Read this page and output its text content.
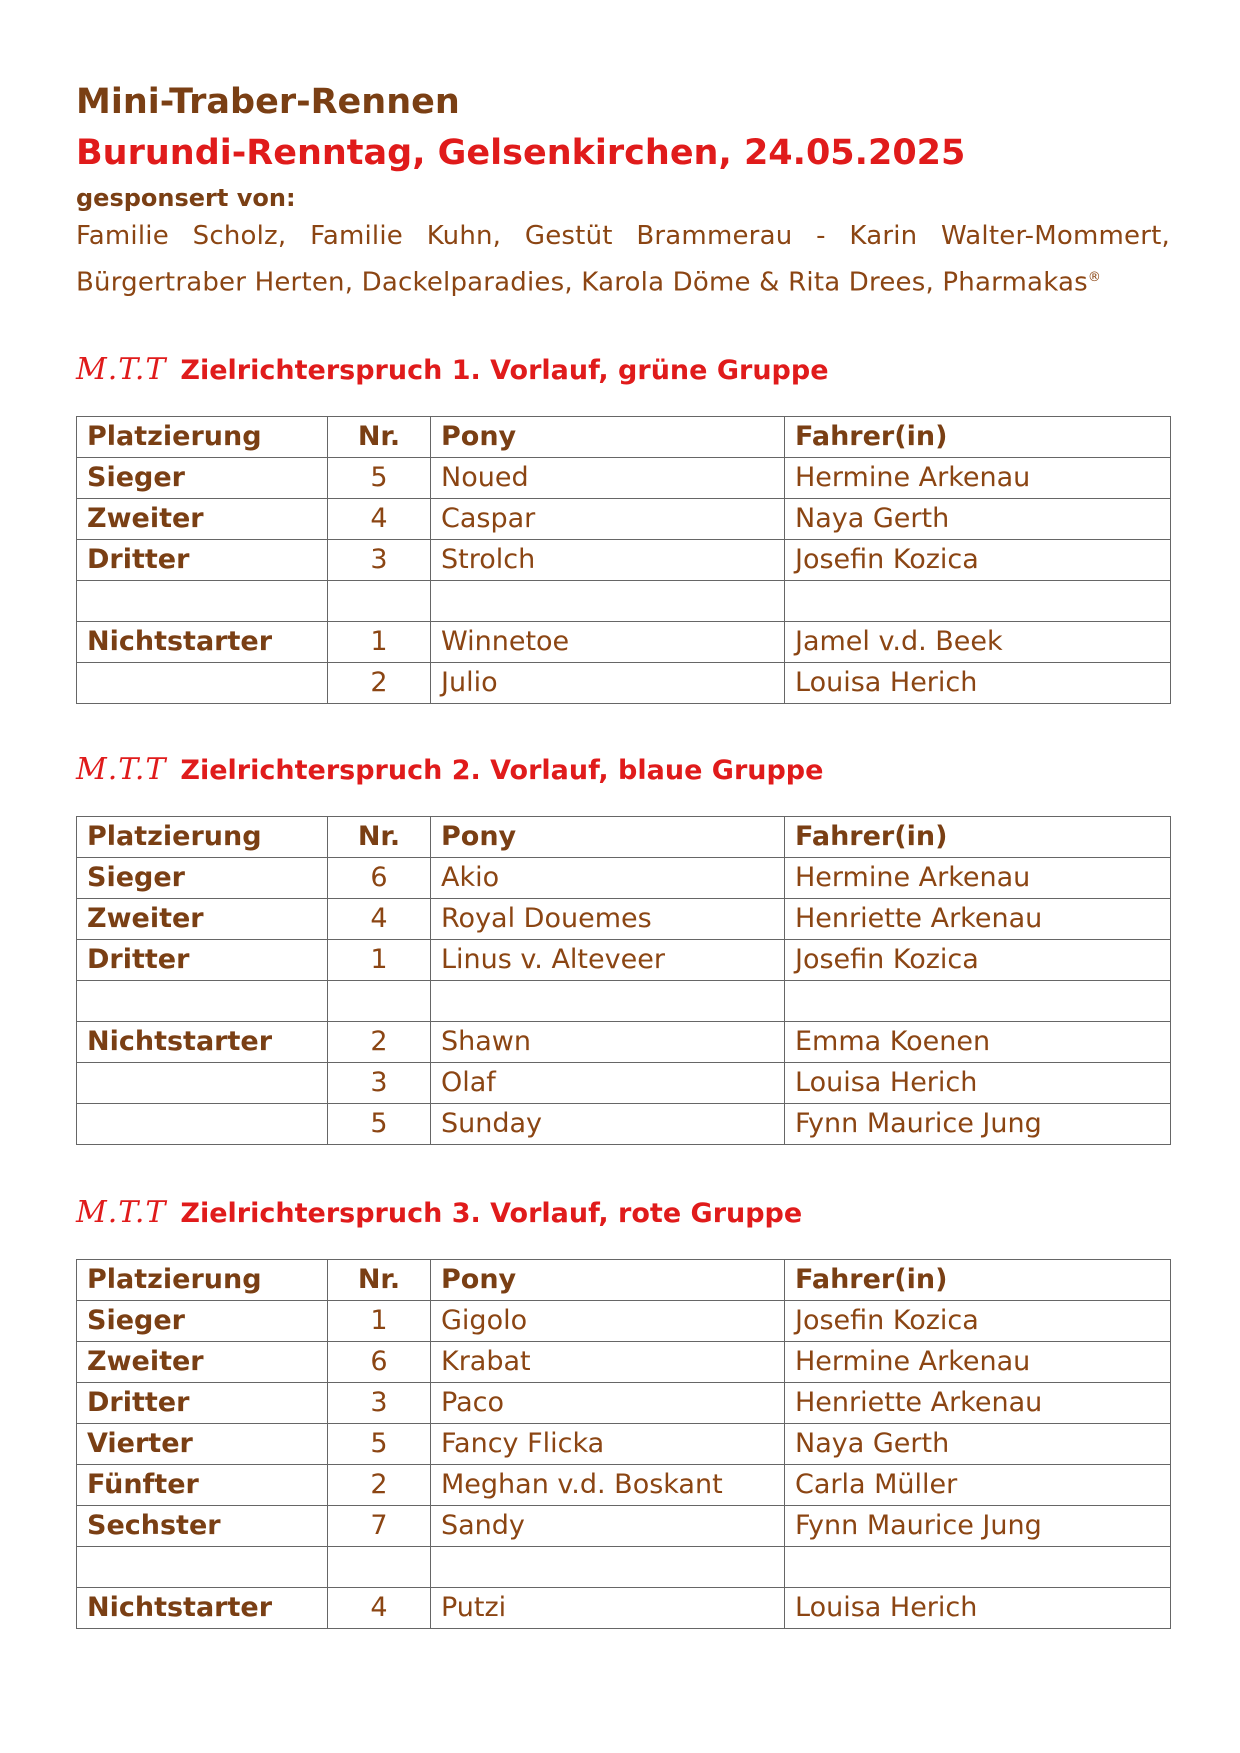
Mini-Traber-Rennen
Burundi-Renntag, Gelsenkirchen, 24.05.2025
gesponsert von:
Familie Scholz, Familie Kuhn, Gestüt Brammerau - Karin Walter-Mommert, Bürgertraber Herten, Dackelparadies, Karola Döme & Rita Drees, Pharmakas®
M.T.T Zielrichterspruch 1. Vorlauf, grüne Gruppe
Platzierung	Nr.	Pony	Fahrer(in)
Sieger	5	Noued	Hermine Arkenau
Zweiter	4	Caspar	Naya Gerth
Dritter	3	Strolch	Josefin Kozica

Nichtstarter	1	Winnetoe	Jamel v.d. Beek
	2	Julio	Louisa Herich
M.T.T Zielrichterspruch 2. Vorlauf, blaue Gruppe
Platzierung	Nr.	Pony	Fahrer(in)
Sieger	6	Akio	Hermine Arkenau
Zweiter	4	Royal Douemes	Henriette Arkenau
Dritter	1	Linus v. Alteveer	Josefin Kozica

Nichtstarter	2	Shawn	Emma Koenen
	3	Olaf	Louisa Herich
	5	Sunday	Fynn Maurice Jung
M.T.T Zielrichterspruch 3. Vorlauf, rote Gruppe
Platzierung	Nr.	Pony	Fahrer(in)
Sieger	1	Gigolo	Josefin Kozica
Zweiter	6	Krabat	Hermine Arkenau
Dritter	3	Paco	Henriette Arkenau
Vierter	5	Fancy Flicka	Naya Gerth
Fünfter	2	Meghan v.d. Boskant	Carla Müller
Sechster	7	Sandy	Fynn Maurice Jung

Nichtstarter	4	Putzi	Louisa Herich
